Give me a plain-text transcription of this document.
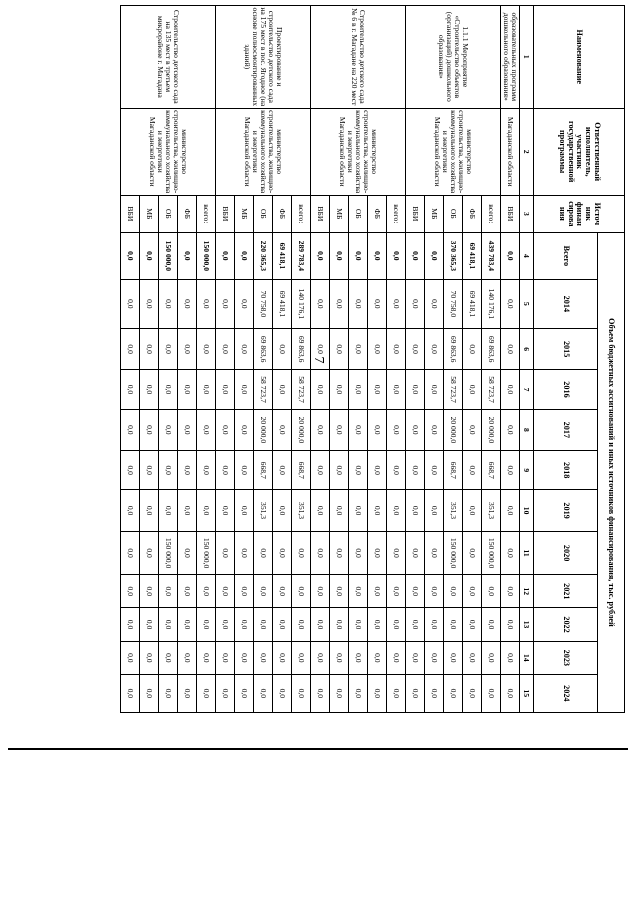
7
Наименование	Ответственный исполнитель, участник государственной программы	Источ ник финан сирова ния	Объем бюджетных ассигнований и иных источников финансирования, тыс. рублей											
			Всего	2014	2015	2016	2017	2018	2019	2020	2021	2022	2023	2024
1	2	3	4	5	6	7	8	9	10	11	12	13	14	15
образовательных программ дошкольного образования»	Магаданской области	ВБИ	0,0	0,0	0,0	0,0	0,0	0,0	0,0	0,0	0,0	0,0	0,0	0,0
1.1.1 Мероприятие «Строительство объектов (организаций) дошкольного образования»	министерство строительства, жилищно-коммунального хозяйства и энергетики Магаданской области	всего:	439 783,4	140 176,1	69 863,6	58 723,7	20 000,0	668,7	351,3	150 000,0	0,0	0,0	0,0	0,0
		ФБ	69 418,1	69 418,1	0,0	0,0	0,0	0,0	0,0	0,0	0,0	0,0	0,0	0,0
		ОБ	370 365,3	70 758,0	69 863,6	58 723,7	20 000,0	668,7	351,3	150 000,0	0,0	0,0	0,0	0,0
		МБ	0,0	0,0	0,0	0,0	0,0	0,0	0,0	0,0	0,0	0,0	0,0	0,0
		ВБИ	0,0	0,0	0,0	0,0	0,0	0,0	0,0	0,0	0,0	0,0	0,0	0,0
Строительство детского сада № 6 в г. Магадане на 220 мест	министерство строительства, жилищно-коммунального хозяйства и энергетики Магаданской области	всего:	0,0	0,0	0,0	0,0	0,0	0,0	0,0	0,0	0,0	0,0	0,0	0,0
		ФБ	0,0	0,0	0,0	0,0	0,0	0,0	0,0	0,0	0,0	0,0	0,0	0,0
		ОБ	0,0	0,0	0,0	0,0	0,0	0,0	0,0	0,0	0,0	0,0	0,0	0,0
		МБ	0,0	0,0	0,0	0,0	0,0	0,0	0,0	0,0	0,0	0,0	0,0	0,0
		ВБИ	0,0	0,0	0,0	0,0	0,0	0,0	0,0	0,0	0,0	0,0	0,0	0,0
Проектирование и строительство детского сада на 175 мест в пос. Ягодное (на основе полносмонтированных зданий)	министерство строительства, жилищно-коммунального хозяйства и энергетики Магаданской области	всего:	289 783,4	140 176,1	69 863,6	58 723,7	20 000,0	668,7	351,3	0,0	0,0	0,0	0,0	0,0
		ФБ	69 418,1	69 418,1	0,0	0,0	0,0	0,0	0,0	0,0	0,0	0,0	0,0	0,0
		ОБ	220 365,3	70 758,0	69 863,6	58 723,7	20 000,0	668,7	351,3	0,0	0,0	0,0	0,0	0,0
		МБ	0,0	0,0	0,0	0,0	0,0	0,0	0,0	0,0	0,0	0,0	0,0	0,0
		ВБИ	0,0	0,0	0,0	0,0	0,0	0,0	0,0	0,0	0,0	0,0	0,0	0,0
Строительство детского сада на 135 мест в третьем микрорайоне г. Магадана	министерство строительства, жилищно-коммунального хозяйства и энергетики Магаданской области	всего:	150 000,0	0,0	0,0	0,0	0,0	0,0	0,0	150 000,0	0,0	0,0	0,0	0,0
		ФБ	0,0	0,0	0,0	0,0	0,0	0,0	0,0	0,0	0,0	0,0	0,0	0,0
		ОБ	150 000,0	0,0	0,0	0,0	0,0	0,0	0,0	150 000,0	0,0	0,0	0,0	0,0
		МБ	0,0	0,0	0,0	0,0	0,0	0,0	0,0	0,0	0,0	0,0	0,0	0,0
		ВБИ	0,0	0,0	0,0	0,0	0,0	0,0	0,0	0,0	0,0	0,0	0,0	0,0
